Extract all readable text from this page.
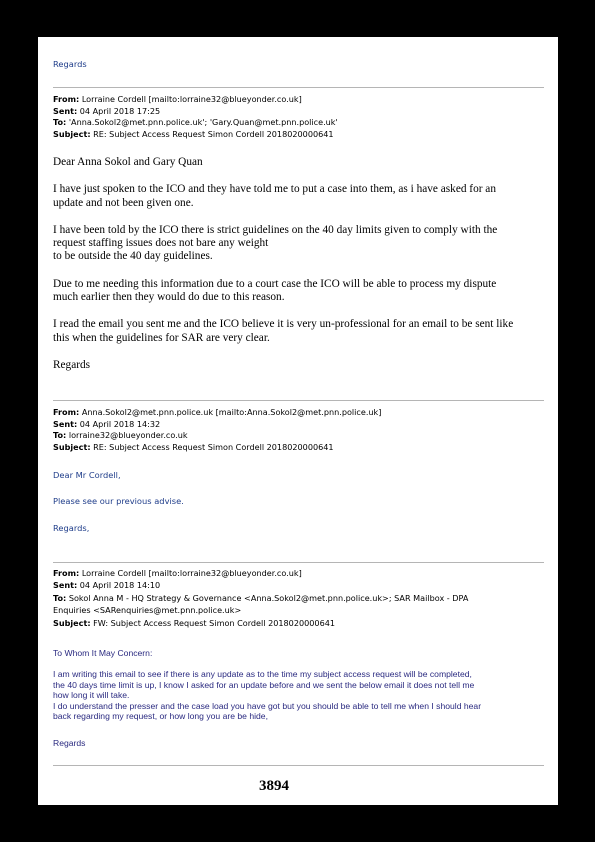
Regards
From: Lorraine Cordell [mailto:lorraine32@blueyonder.co.uk]
Sent: 04 April 2018 17:25
To: 'Anna.Sokol2@met.pnn.police.uk'; 'Gary.Quan@met.pnn.police.uk'
Subject: RE: Subject Access Request Simon Cordell 2018020000641
Dear Anna Sokol and Gary Quan
I have just spoken to the ICO and they have told me to put a case into them, as i have asked for an
update and not been given one.
I have been told by the ICO there is strict guidelines on the 40 day limits given to comply with the
request staffing issues does not bare any weight
to be outside the 40 day guidelines.
Due to me needing this information due to a court case the ICO will be able to process my dispute
much earlier then they would do due to this reason.
I read the email you sent me and the ICO believe it is very un-professional for an email to be sent like
this when the guidelines for SAR are very clear.
Regards
From: Anna.Sokol2@met.pnn.police.uk [mailto:Anna.Sokol2@met.pnn.police.uk]
Sent: 04 April 2018 14:32
To: lorraine32@blueyonder.co.uk
Subject: RE: Subject Access Request Simon Cordell 2018020000641
Dear Mr Cordell,
Please see our previous advise.
Regards,
From: Lorraine Cordell [mailto:lorraine32@blueyonder.co.uk]
Sent: 04 April 2018 14:10
To: Sokol Anna M - HQ Strategy & Governance <Anna.Sokol2@met.pnn.police.uk>; SAR Mailbox - DPA
Enquiries <SARenquiries@met.pnn.police.uk>
Subject: FW: Subject Access Request Simon Cordell 2018020000641
To Whom It May Concern:
I am writing this email to see if there is any update as to the time my subject access request will be completed,
the 40 days time limit is up, I know I asked for an update before and we sent the below email it does not tell me
how long it will take.
I do understand the presser and the case load you have got but you should be able to tell me when I should hear
back regarding my request, or how long you are be hide,
Regards
3894
